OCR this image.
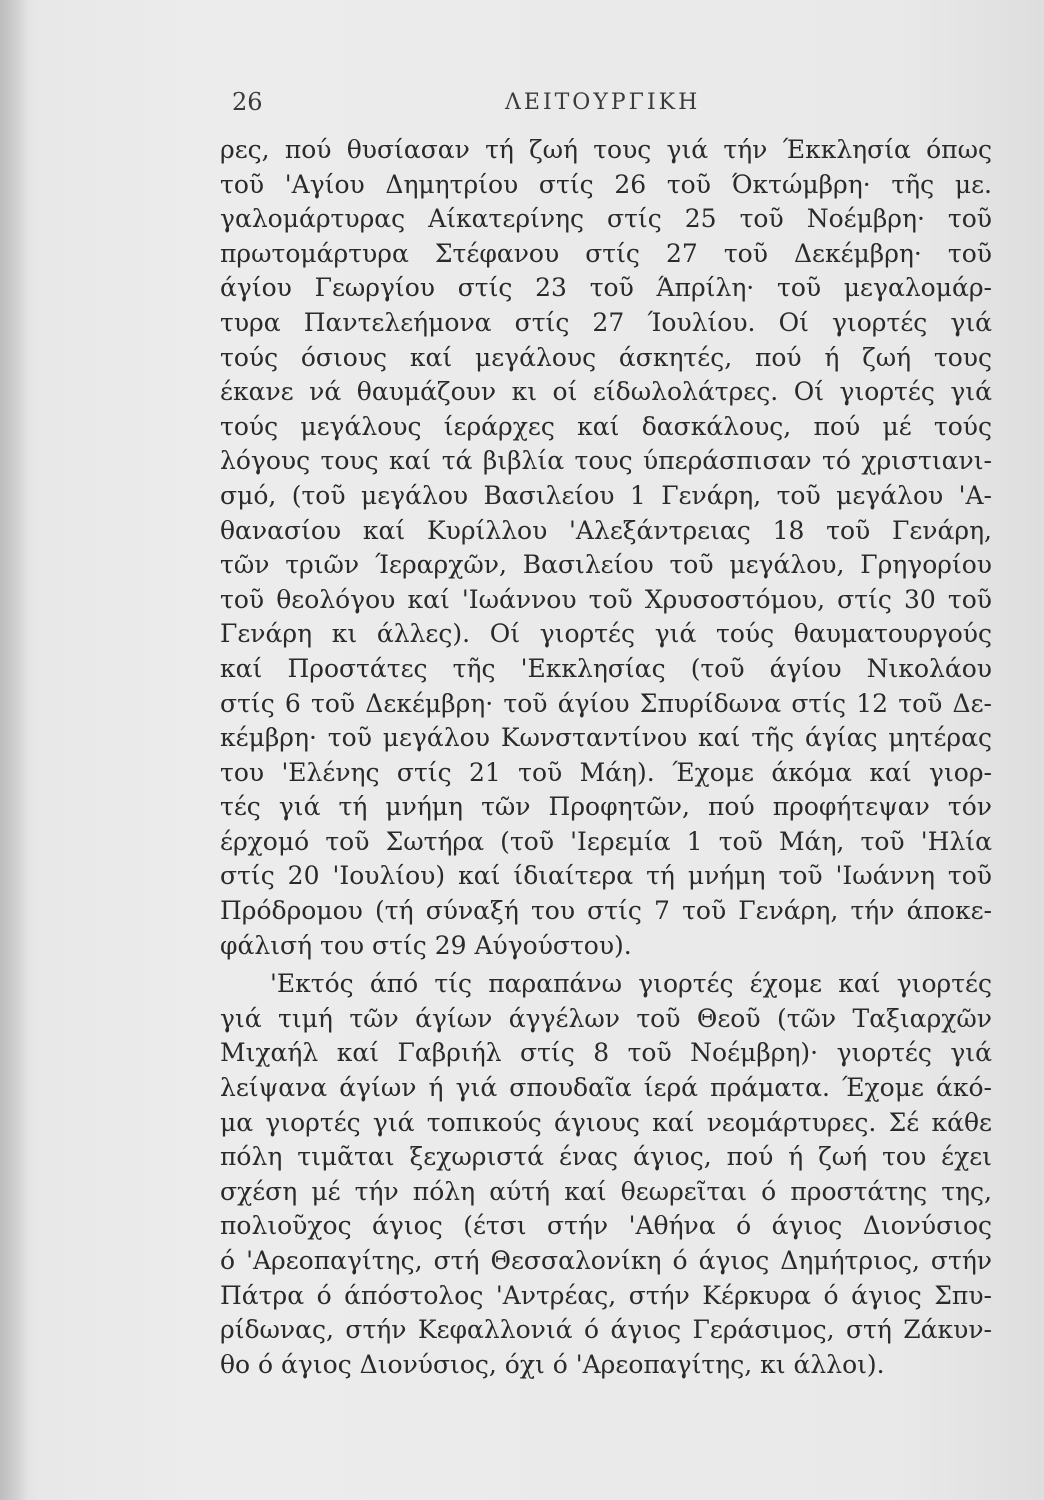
26	ΛΕΙΤΟΥΡΓΙΚΗ
ρες, πού θυσίασαν τή ζωή τους γιά τήν Έκκλησία όπως
τοῦ 'Αγίου Δημητρίου στίς 26 τοῦ Όκτώμβρη· τῆς με.
γαλομάρτυρας Αίκατερίνης στίς 25 τοῦ Νοέμβρη· τοῦ
πρωτομάρτυρα Στέφανου στίς 27 τοῦ Δεκέμβρη· τοῦ
άγίου Γεωργίου στίς 23 τοῦ Άπρίλη· τοῦ μεγαλομάρ-
τυρα Παντελεήμονα στίς 27 Ίουλίου. Οί γιορτές γιά
τούς όσιους καί μεγάλους άσκητές, πού ή ζωή τους
έκανε νά θαυμάζουν κι οί είδωλολάτρες. Οί γιορτές γιά
τούς μεγάλους ίεράρχες καί δασκάλους, πού μέ τούς
λόγους τους καί τά βιβλία τους ύπεράσπισαν τό χριστιανι-
σμό, (τοῦ μεγάλου Βασιλείου 1 Γενάρη, τοῦ μεγάλου 'Α-
θανασίου καί Κυρίλλου 'Αλεξάντρειας 18 τοῦ Γενάρη,
τῶν τριῶν Ίεραρχῶν, Βασιλείου τοῦ μεγάλου, Γρηγορίου
τοῦ θεολόγου καί 'Ιωάννου τοῦ Χρυσοστόμου, στίς 30 τοῦ
Γενάρη κι άλλες). Οί γιορτές γιά τούς θαυματουργούς
καί Προστάτες τῆς 'Εκκλησίας (τοῦ άγίου Νικολάου
στίς 6 τοῦ Δεκέμβρη· τοῦ άγίου Σπυρίδωνα στίς 12 τοῦ Δε-
κέμβρη· τοῦ μεγάλου Κωνσταντίνου καί τῆς άγίας μητέρας
του 'Ελένης στίς 21 τοῦ Μάη). Έχομε άκόμα καί γιορ-
τές γιά τή μνήμη τῶν Προφητῶν, πού προφήτεψαν τόν
έρχομό τοῦ Σωτήρα (τοῦ 'Ιερεμία 1 τοῦ Μάη, τοῦ 'Ηλία
στίς 20 'Ιουλίου) καί ίδιαίτερα τή μνήμη τοῦ 'Ιωάννη τοῦ
Πρόδρομου (τή σύναξή του στίς 7 τοῦ Γενάρη, τήν άποκε-
φάλισή του στίς 29 Αύγούστου).
'Εκτός άπό τίς παραπάνω γιορτές έχομε καί γιορτές
γιά τιμή τῶν άγίων άγγέλων τοῦ Θεοῦ (τῶν Ταξιαρχῶν
Μιχαήλ καί Γαβριήλ στίς 8 τοῦ Νοέμβρη)· γιορτές γιά
λείψανα άγίων ή γιά σπουδαῖα ίερά πράματα. Έχομε άκό-
μα γιορτές γιά τοπικούς άγιους καί νεομάρτυρες. Σέ κάθε
πόλη τιμᾶται ξεχωριστά ένας άγιος, πού ή ζωή του έχει
σχέση μέ τήν πόλη αύτή καί θεωρεῖται ό προστάτης της,
πολιοῦχος άγιος (έτσι στήν 'Αθήνα ό άγιος Διονύσιος
ό 'Αρεοπαγίτης, στή Θεσσαλονίκη ό άγιος Δημήτριος, στήν
Πάτρα ό άπόστολος 'Αντρέας, στήν Κέρκυρα ό άγιος Σπυ-
ρίδωνας, στήν Κεφαλλονιά ό άγιος Γεράσιμος, στή Ζάκυν-
θο ό άγιος Διονύσιος, όχι ό 'Αρεοπαγίτης, κι άλλοι).
